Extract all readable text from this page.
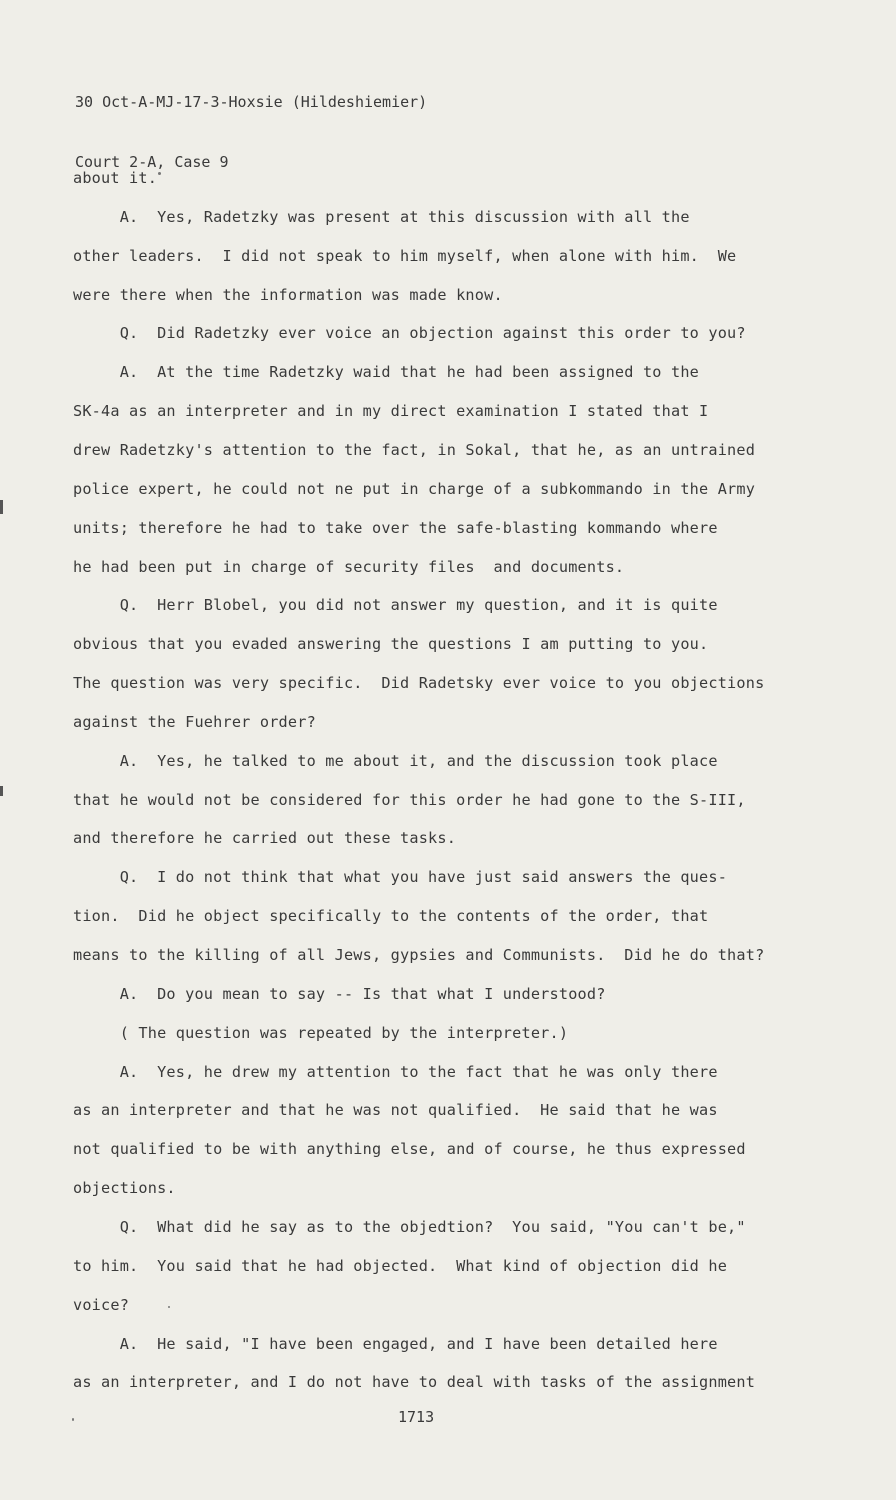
30 Oct-A-MJ-17-3-Hoxsie (Hildeshiemier)

Court 2-A, Case 9

about it.
A.  Yes, Radetzky was present at this discussion with all the
other leaders.  I did not speak to him myself, when alone with him.  We
were there when the information was made know.
Q.  Did Radetzky ever voice an objection against this order to you?
A.  At the time Radetzky waid that he had been assigned to the
SK-4a as an interpreter and in my direct examination I stated that I
drew Radetzky's attention to the fact, in Sokal, that he, as an untrained
police expert, he could not ne put in charge of a subkommando in the Army
units; therefore he had to take over the safe-blasting kommando where
he had been put in charge of security files  and documents.
Q.  Herr Blobel, you did not answer my question, and it is quite
obvious that you evaded answering the questions I am putting to you.
The question was very specific.  Did Radetsky ever voice to you objections
against the Fuehrer order?
A.  Yes, he talked to me about it, and the discussion took place
that he would not be considered for this order he had gone to the S-III,
and therefore he carried out these tasks.
Q.  I do not think that what you have just said answers the ques-
tion.  Did he object specifically to the contents of the order, that
means to the killing of all Jews, gypsies and Communists.  Did he do that?
A.  Do you mean to say -- Is that what I understood?
( The question was repeated by the interpreter.)
A.  Yes, he drew my attention to the fact that he was only there
as an interpreter and that he was not qualified.  He said that he was
not qualified to be with anything else, and of course, he thus expressed
objections.
Q.  What did he say as to the objedtion?  You said, "You can't be,"
to him.  You said that he had objected.  What kind of objection did he
voice?
A.  He said, "I have been engaged, and I have been detailed here
as an interpreter, and I do not have to deal with tasks of the assignment
1713
